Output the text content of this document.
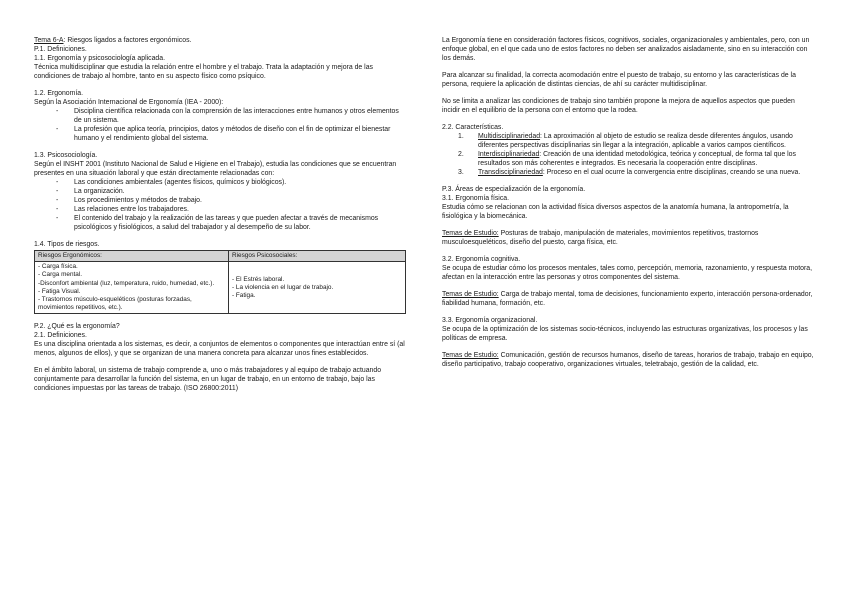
Tema 6-A: Riesgos ligados a factores ergonómicos.

P.1. Definiciones.

1.1. Ergonomía y psicosociología aplicada.

Técnica multidisciplinar que estudia la relación entre el hombre y el trabajo. Trata la adaptación y mejora de las condiciones de trabajo al hombre, tanto en su aspecto físico como psíquico.

1.2. Ergonomía.

Según la Asociación Internacional de Ergonomía (IEA - 2000):

- Disciplina científica relacionada con la comprensión de las interacciones entre humanos y otros elementos de un sistema.
- La profesión que aplica teoría, principios, datos y métodos de diseño con el fin de optimizar el bienestar humano y el rendimiento global del sistema.

1.3. Psicosociología.

Según el INSHT 2001 (Instituto Nacional de Salud e Higiene en el Trabajo), estudia las condiciones que se encuentran presentes en una situación laboral y que están directamente relacionadas con:

- Las condiciones ambientales (agentes físicos, químicos y biológicos).
- La organización.
- Los procedimientos y métodos de trabajo.
- Las relaciones entre los trabajadores.
- El contenido del trabajo y la realización de las tareas y que pueden afectar a través de mecanismos psicológicos y fisiológicos, a salud del trabajador y al desempeño de su labor.

1.4. Tipos de riesgos.

Riesgos Ergonómicos:	Riesgos Psicosociales:

- Carga física.
- Carga mental.
-Disconfort ambiental (luz, temperatura, ruido, humedad, etc.).
- Fatiga Visual.
- Trastornos músculo-esqueléticos (posturas forzadas, movimientos repetitivos, etc.).	- El Estrés laboral.
- La violencia en el lugar de trabajo.
- Fatiga.

P.2. ¿Qué es la ergonomía?

2.1. Definiciones.

Es una disciplina orientada a los sistemas, es decir, a conjuntos de elementos o componentes que interactúan entre sí (al menos, algunos de ellos), y que se organizan de una manera concreta para alcanzar unos fines establecidos.

En el ámbito laboral, un sistema de trabajo comprende a, uno o más trabajadores y al equipo de trabajo actuando conjuntamente para desarrollar la función del sistema, en un lugar de trabajo, en un entorno de trabajo, bajo las condiciones impuestas por las tareas de trabajo. (ISO 26800:2011)

La Ergonomía tiene en consideración factores físicos, cognitivos, sociales, organizacionales y ambientales, pero, con un enfoque global, en el que cada uno de estos factores no deben ser analizados aisladamente, sino en su interacción con los demás.

Para alcanzar su finalidad, la correcta acomodación entre el puesto de trabajo, su entorno y las características de la persona, requiere la aplicación de distintas ciencias, de ahí su carácter multidisciplinar.

No se limita a analizar las condiciones de trabajo sino también propone la mejora de aquellos aspectos que pueden incidir en el equilibrio de la persona con el entorno que la rodea.

2.2. Características.

1. Multidisciplinariedad: La aproximación al objeto de estudio se realiza desde diferentes ángulos, usando diferentes perspectivas disciplinarias sin llegar a la integración, aplicable a varios campos científicos.
2. Interdisciplinariedad: Creación de una identidad metodológica, teórica y conceptual, de forma tal que los resultados son más coherentes e integrados. Es necesaria la cooperación entre disciplinas.
3. Transdisciplinariedad: Proceso en el cual ocurre la convergencia entre disciplinas, creando se una nueva.

P.3. Áreas de especialización de la ergonomía.

3.1. Ergonomía física.

Estudia cómo se relacionan con la actividad física diversos aspectos de la anatomía humana, la antropometría, la fisiológica y la biomecánica.

Temas de Estudio: Posturas de trabajo, manipulación de materiales, movimientos repetitivos, trastornos musculoesqueléticos, diseño del puesto, carga física, etc.

3.2. Ergonomía cognitiva.

Se ocupa de estudiar cómo los procesos mentales, tales como, percepción, memoria, razonamiento, y respuesta motora, afectan en la interacción entre las personas y otros componentes del sistema.

Temas de Estudio: Carga de trabajo mental, toma de decisiones, funcionamiento experto, interacción persona-ordenador, fiabilidad humana, formación, etc.

3.3. Ergonomía organizacional.

Se ocupa de la optimización de los sistemas socio-técnicos, incluyendo las estructuras organizativas, los procesos y las políticas de empresa.

Temas de Estudio: Comunicación, gestión de recursos humanos, diseño de tareas, horarios de trabajo, trabajo en equipo, diseño participativo, trabajo cooperativo, organizaciones virtuales, teletrabajo, gestión de la calidad, etc.
